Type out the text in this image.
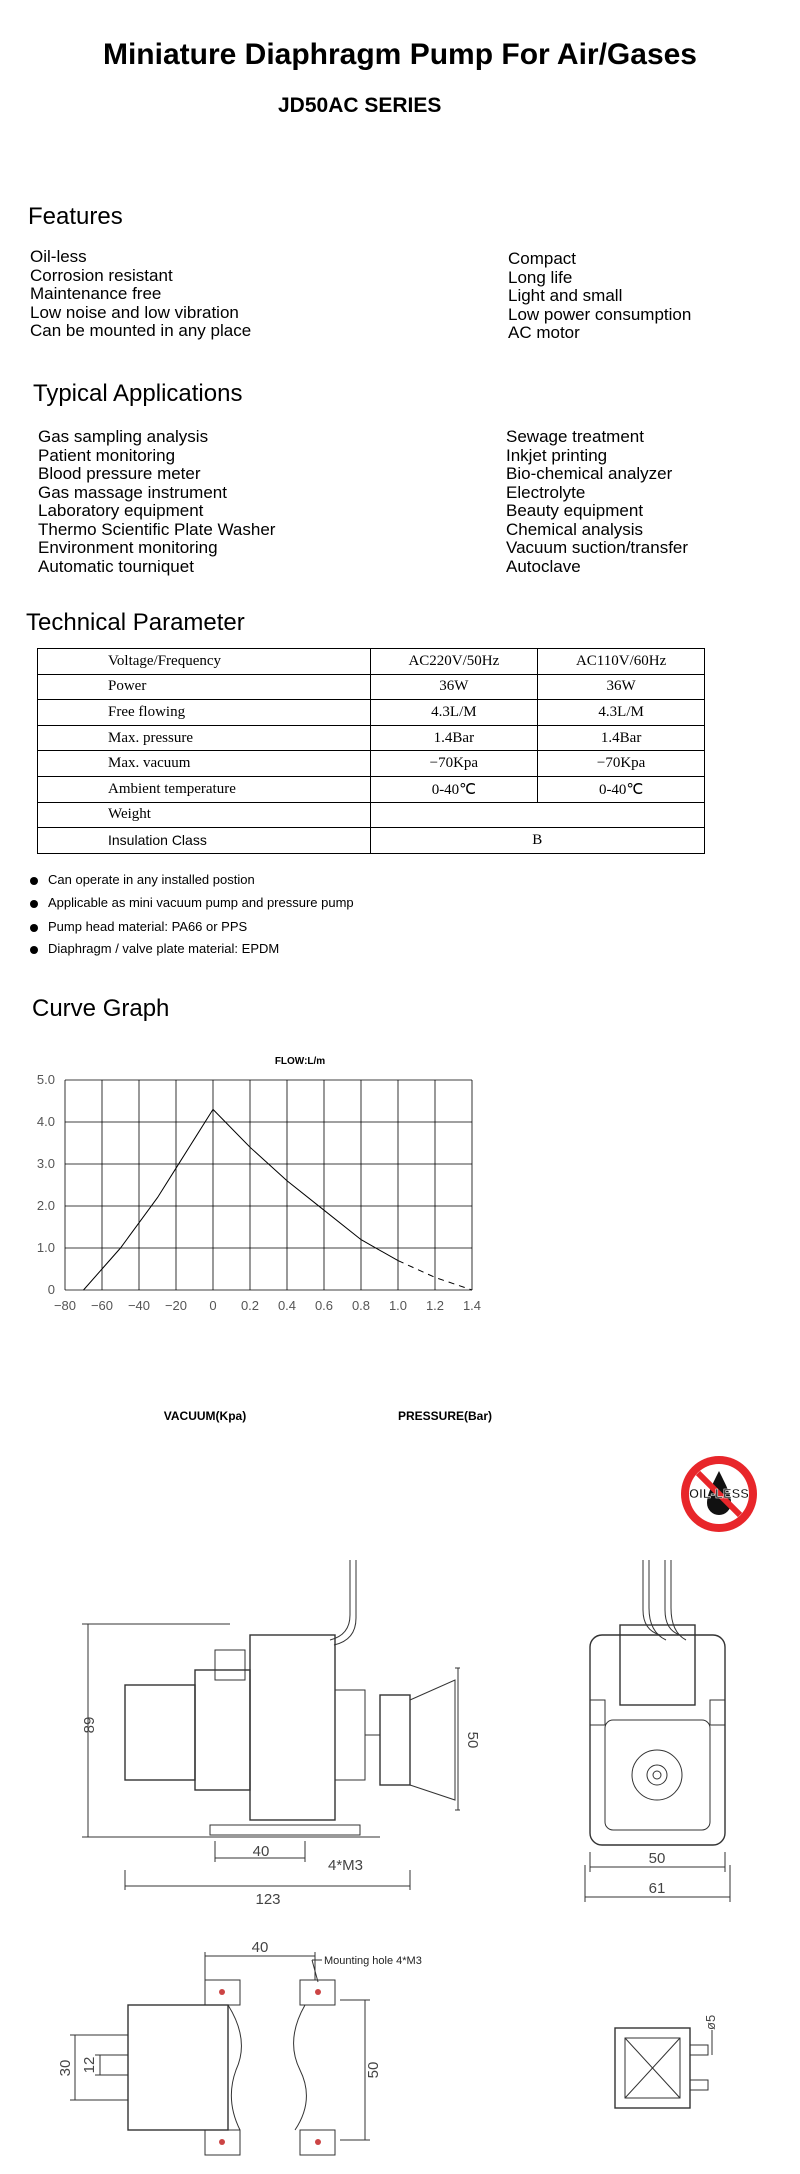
Miniature Diaphragm Pump For Air/Gases
JD50AC SERIES
Features
Oil-less
Corrosion resistant
Maintenance free
Low noise and low vibration
Can be mounted in any place
Compact
Long life
Light and small
Low power consumption
AC motor
Typical Applications
Gas sampling analysis
Patient monitoring
Blood pressure meter
Gas massage instrument
Laboratory equipment
Thermo Scientific Plate Washer
Environment monitoring
Automatic tourniquet
Sewage treatment
Inkjet printing
Bio-chemical analyzer
Electrolyte
Beauty equipment
Chemical analysis
Vacuum suction/transfer
Autoclave
Technical Parameter
Voltage/Frequency	AC220V/50Hz	AC110V/60Hz
Power	36W	36W
Free flowing	4.3L/M	4.3L/M
Max. pressure	1.4Bar	1.4Bar
Max. vacuum	−70Kpa	−70Kpa
Ambient temperature	0-40℃	0-40℃
Weight		
Insulation Class	B	
Can operate in any installed postion
Applicable as mini vacuum pump and pressure pump
Pump head material: PA66 or PPS
Diaphragm / valve plate material: EPDM
Curve Graph
FLOW:L/m
0
1.0
2.0
3.0
4.0
5.0
−80 −60 −40 −20 0 0.2 0.4 0.6 0.8 1.0 1.2 1.4
VACUUM(Kpa)	PRESSURE(Bar)
OIL-LESS
89
40
4*M3
123
50
50
61
40
Mounting hole 4*M3
50
30 12
ø5
